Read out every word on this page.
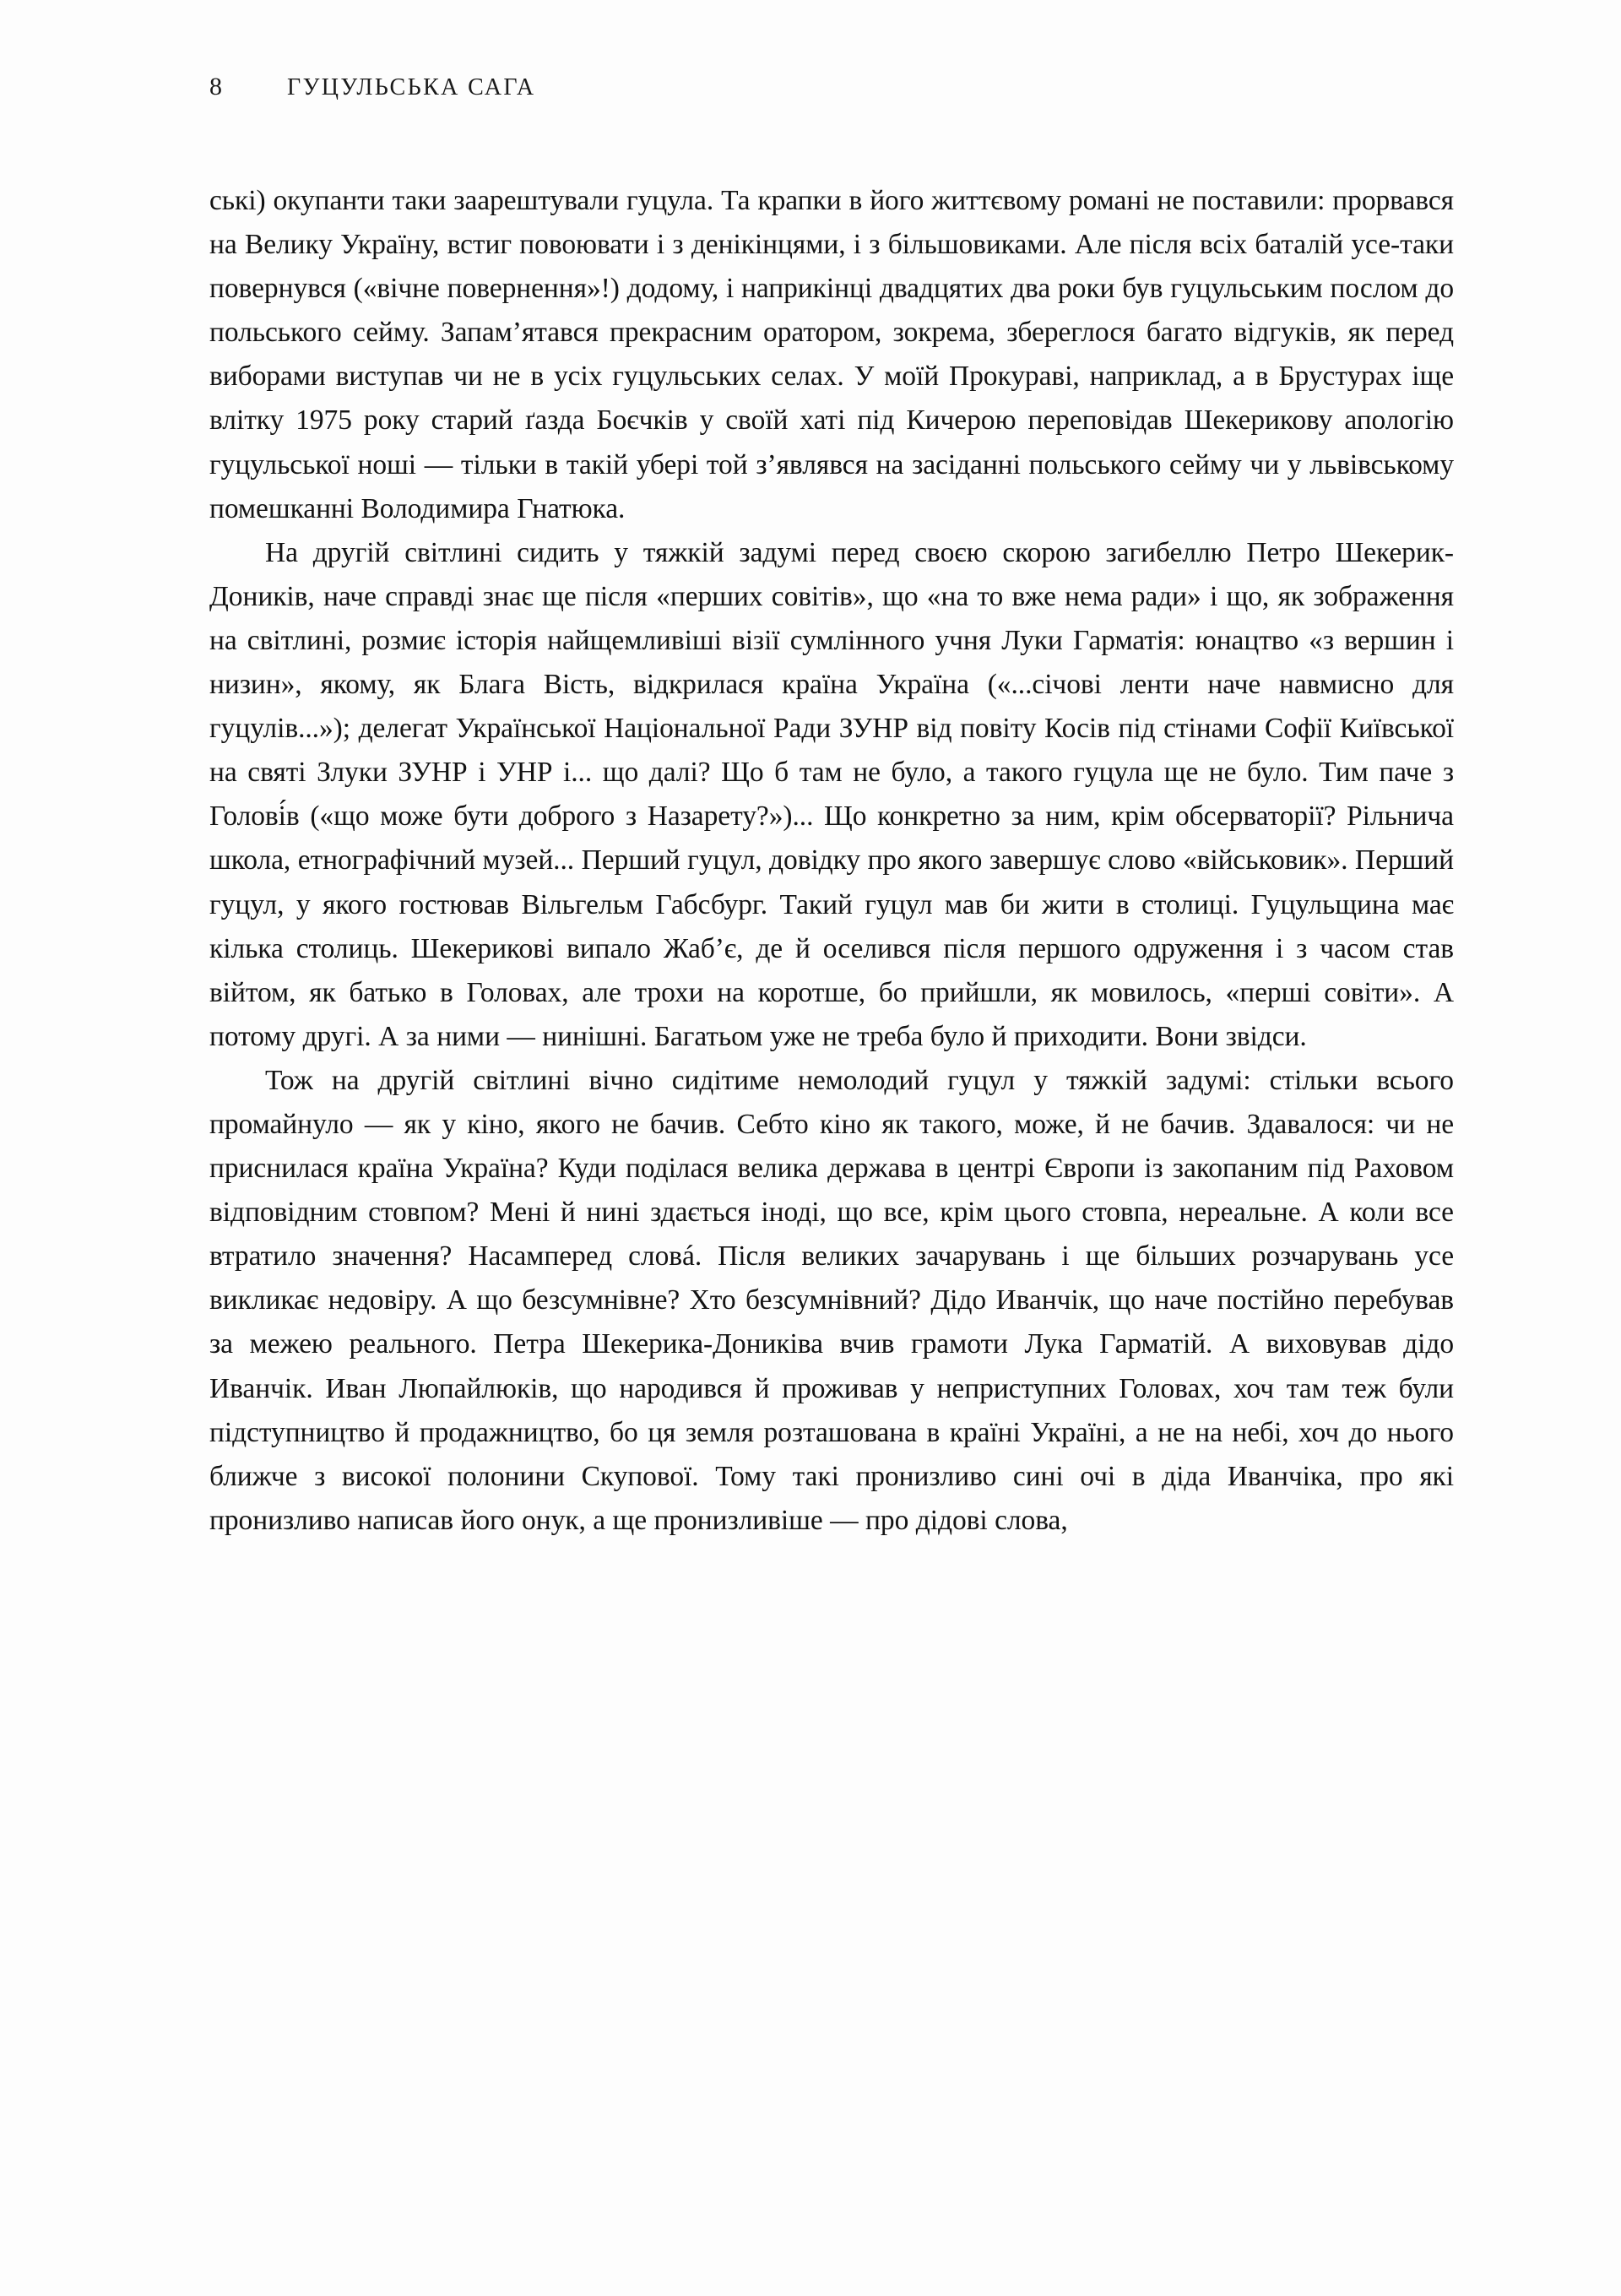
8	ГУЦУЛЬСЬКА САГА

ські) окупанти таки заарештували гуцула. Та крапки в його життєвому романі не поставили: прорвався на Велику Україну, встиг повоювати і з денікінцями, і з більшовиками. Але після всіх баталій усе-таки повернувся («вічне повернення»!) додому, і наприкінці двадцятих два роки був гуцульським послом до польського сейму. Запам’ятався прекрасним оратором, зокрема, збереглося багато відгуків, як перед виборами виступав чи не в усіх гуцульських селах. У моїй Прокураві, наприклад, а в Брустурах іще влітку 1975 року старий ґазда Боєчків у своїй хаті під Кичерою переповідав Шекерикову апологію гуцульської ноші — тільки в такій убері той з’являвся на засіданні польського сейму чи у львівському помешканні Володимира Гнатюка.

На другій світлині сидить у тяжкій задумі перед своєю скорою загибеллю Петро Шекерик-Доників, наче справді знає ще після «перших совітів», що «на то вже нема ради» і що, як зображення на світлині, розмиє історія найщемливіші візії сумлінного учня Луки Гарматія: юнацтво «з вершин і низин», якому, як Блага Вість, відкрилася країна Україна («...січові ленти наче навмисно для гуцулів...»); делегат Української Національної Ради ЗУНР від повіту Косів під стінами Софії Київської на святі Злуки ЗУНР і УНР і... що далі? Що б там не було, а такого гуцула ще не було. Тим паче з Голові́в («що може бути доброго з Назарету?»)... Що конкретно за ним, крім обсерваторії? Рільнича школа, етнографічний музей... Перший гуцул, довідку про якого завершує слово «військовик». Перший гуцул, у якого гостював Вільгельм Габсбург. Такий гуцул мав би жити в столиці. Гуцульщина має кілька столиць. Шекерикові випало Жаб’є, де й оселився після першого одруження і з часом став війтом, як батько в Головах, але трохи на коротше, бо прийшли, як мовилось, «перші совіти». А потому другі. А за ними — нинішні. Багатьом уже не треба було й приходити. Вони звідси.

Тож на другій світлині вічно сидітиме немолодий гуцул у тяжкій задумі: стільки всього промайнуло — як у кіно, якого не бачив. Себто кіно як такого, може, й не бачив. Здавалося: чи не приснилася країна Україна? Куди поділася велика держава в центрі Європи із закопаним під Раховом відповідним стовпом? Мені й нині здається іноді, що все, крім цього стовпа, нереальне. А коли все втратило значення? Насамперед словá. Після великих зачарувань і ще більших розчарувань усе викликає недовіру. А що безсумнівне? Хто безсумнівний? Дідо Иванчік, що наче постійно перебував за межею реального. Петра Шекерика-Дониківа вчив грамоти Лука Гарматій. А виховував дідо Иванчік. Иван Люпайлюків, що народився й проживав у неприступних Головах, хоч там теж були підступництво й продажництво, бо ця земля розташована в країні Україні, а не на небі, хоч до нього ближче з високої полонини Скупової. Тому такі пронизливо сині очі в діда Иванчіка, про які пронизливо написав його онук, а ще пронизливіше — про дідові слова,
